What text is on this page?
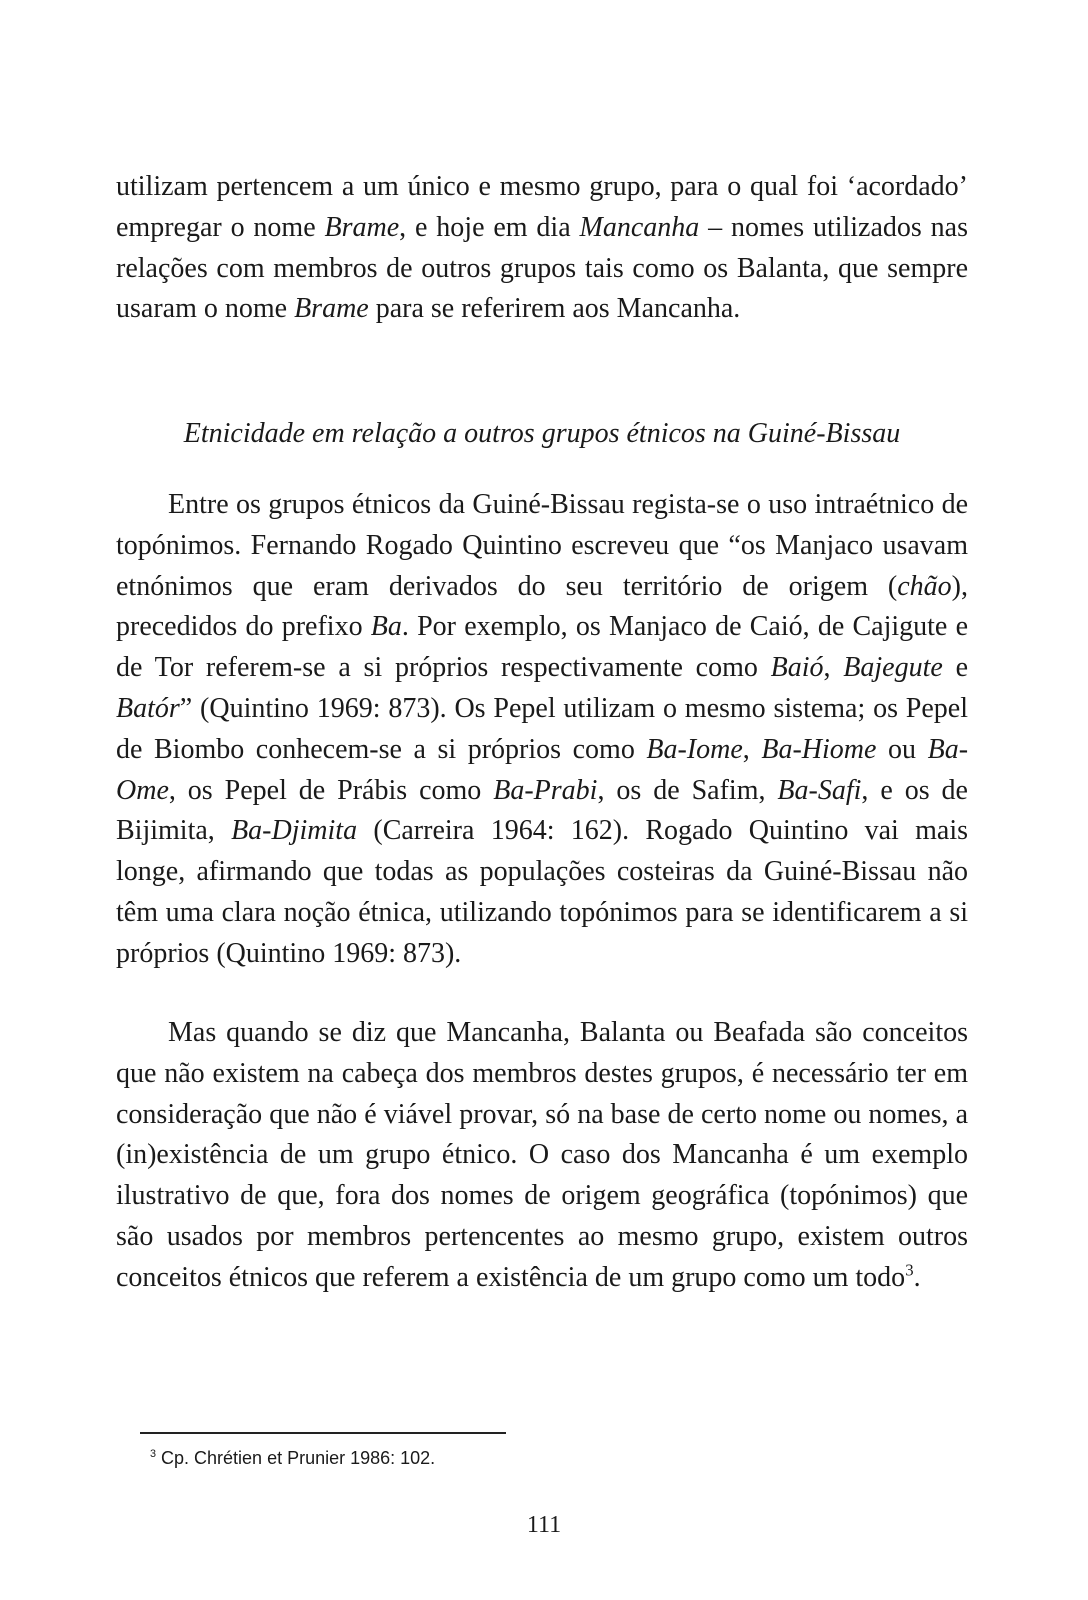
utilizam pertencem a um único e mesmo grupo, para o qual foi ‘acordado’ empregar o nome Brame, e hoje em dia Mancanha – nomes utilizados nas relações com membros de outros grupos tais como os Balanta, que sempre usaram o nome Brame para se referirem aos Mancanha.

Etnicidade em relação a outros grupos étnicos na Guiné-Bissau

Entre os grupos étnicos da Guiné-Bissau regista-se o uso intraétnico de topónimos. Fernando Rogado Quintino escreveu que “os Manjaco usavam etnónimos que eram derivados do seu território de origem (chão), precedidos do prefixo Ba. Por exemplo, os Manjaco de Caió, de Cajigute e de Tor referem-se a si próprios respectivamente como Baió, Bajegute e Batór” (Quintino 1969: 873). Os Pepel utilizam o mesmo sistema; os Pepel de Biombo conhecem-se a si próprios como Ba-Iome, Ba-Hiome ou Ba-Ome, os Pepel de Prábis como Ba-Prabi, os de Safim, Ba-Safi, e os de Bijimita, Ba-Djimita (Carreira 1964: 162). Rogado Quintino vai mais longe, afirmando que todas as populações costeiras da Guiné-Bissau não têm uma clara noção étnica, utilizando topónimos para se identificarem a si próprios (Quintino 1969: 873).

Mas quando se diz que Mancanha, Balanta ou Beafada são conceitos que não existem na cabeça dos membros destes grupos, é necessário ter em consideração que não é viável provar, só na base de certo nome ou nomes, a (in)existência de um grupo étnico. O caso dos Mancanha é um exemplo ilustrativo de que, fora dos nomes de origem geográfica (topónimos) que são usados por membros pertencentes ao mesmo grupo, existem outros conceitos étnicos que referem a existência de um grupo como um todo$^3$.

$^3$ Cp. Chrétien et Prunier 1986: 102.

111
